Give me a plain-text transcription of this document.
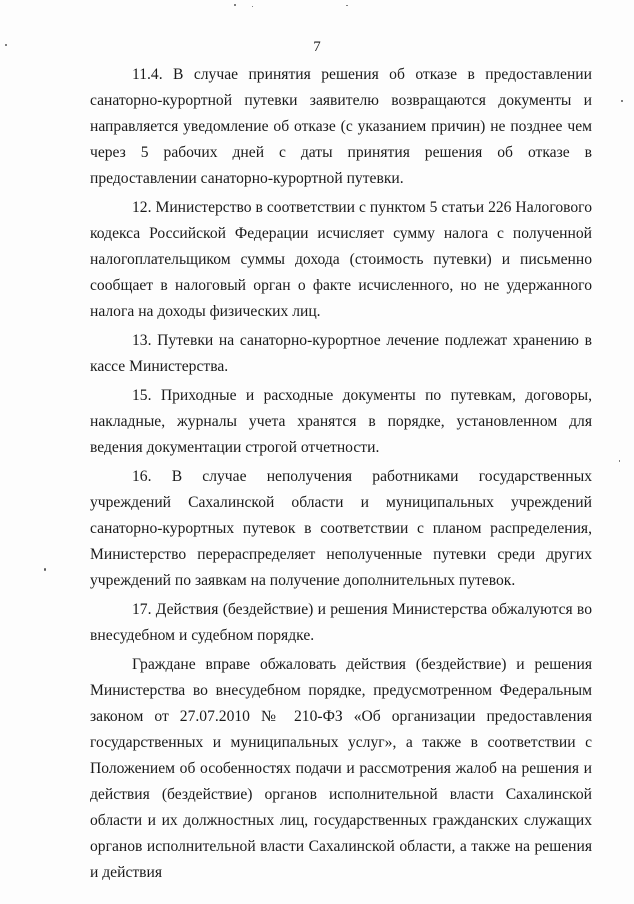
7

11.4. В случае принятия решения об отказе в предоставлении санаторно-курортной путевки заявителю возвращаются документы и направляется уведомление об отказе (с указанием причин) не позднее чем через 5 рабочих дней с даты принятия решения об отказе в предоставлении санаторно-курортной путевки.

12. Министерство в соответствии с пунктом 5 статьи 226 Налогового кодекса Российской Федерации исчисляет сумму налога с полученной налогоплательщиком суммы дохода (стоимость путевки) и письменно сообщает в налоговый орган о факте исчисленного, но не удержанного налога на доходы физических лиц.

13. Путевки на санаторно-курортное лечение подлежат хранению в кассе Министерства.

15. Приходные и расходные документы по путевкам, договоры, накладные, журналы учета хранятся в порядке, установленном для ведения документации строгой отчетности.

16. В случае неполучения работниками государственных учреждений Сахалинской области и муниципальных учреждений санаторно-курортных путевок в соответствии с планом распределения, Министерство перераспределяет неполученные путевки среди других учреждений по заявкам на получение дополнительных путевок.

17. Действия (бездействие) и решения Министерства обжалуются во внесудебном и судебном порядке.

Граждане вправе обжаловать действия (бездействие) и решения Министерства во внесудебном порядке, предусмотренном Федеральным законом от 27.07.2010 № 210-ФЗ «Об организации предоставления государственных и муниципальных услуг», а также в соответствии с Положением об особенностях подачи и рассмотрения жалоб на решения и действия (бездействие) органов исполнительной власти Сахалинской области и их должностных лиц, государственных гражданских служащих органов исполнительной власти Сахалинской области, а также на решения и действия
